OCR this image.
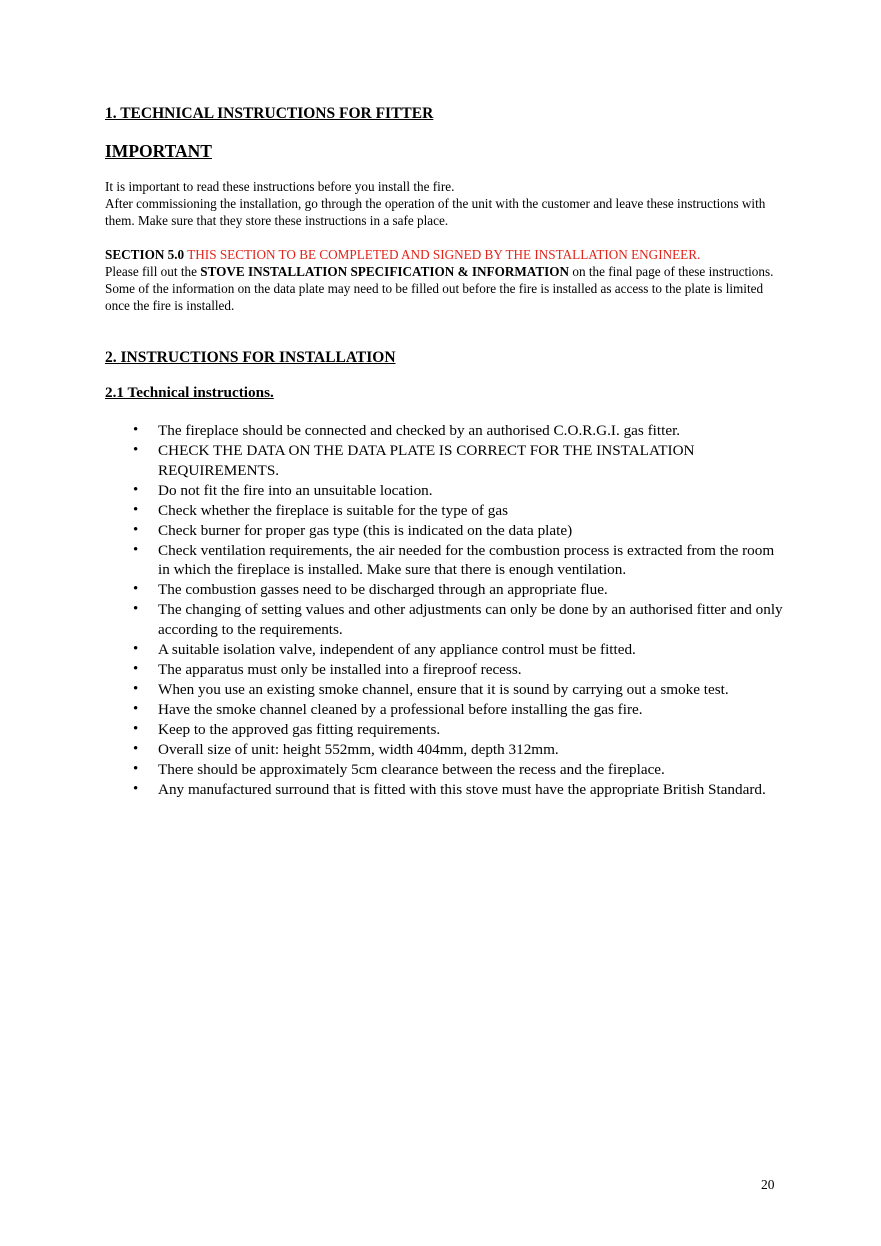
1. TECHNICAL INSTRUCTIONS FOR FITTER
IMPORTANT

It is important to read these instructions before you install the fire.

After commissioning the installation, go through the operation of the unit with the customer and leave these instructions with them. Make sure that they store these instructions in a safe place.

SECTION 5.0 THIS SECTION TO BE COMPLETED AND SIGNED BY THE INSTALLATION ENGINEER.

Please fill out the STOVE INSTALLATION SPECIFICATION & INFORMATION on the final page of these instructions. Some of the information on the data plate may need to be filled out before the fire is installed as access to the plate is limited once the fire is installed.

2. INSTRUCTIONS FOR INSTALLATION
2.1 Technical instructions.
• The fireplace should be connected and checked by an authorised C.O.R.G.I. gas fitter.
• CHECK THE DATA ON THE DATA PLATE IS CORRECT FOR THE INSTALATION REQUIREMENTS.
• Do not fit the fire into an unsuitable location.
• Check whether the fireplace is suitable for the type of gas
• Check burner for proper gas type (this is indicated on the data plate)
• Check ventilation requirements, the air needed for the combustion process is extracted from the room in which the fireplace is installed. Make sure that there is enough ventilation.
• The combustion gasses need to be discharged through an appropriate flue.
• The changing of setting values and other adjustments can only be done by an authorised fitter and only according to the requirements.
• A suitable isolation valve, independent of any appliance control must be fitted.
• The apparatus must only be installed into a fireproof recess.
• When you use an existing smoke channel, ensure that it is sound by carrying out a smoke test.
• Have the smoke channel cleaned by a professional before installing the gas fire.
• Keep to the approved gas fitting requirements.
• Overall size of unit: height 552mm, width 404mm, depth 312mm.
• There should be approximately 5cm clearance between the recess and the fireplace.
• Any manufactured surround that is fitted with this stove must have the appropriate British Standard.
20
